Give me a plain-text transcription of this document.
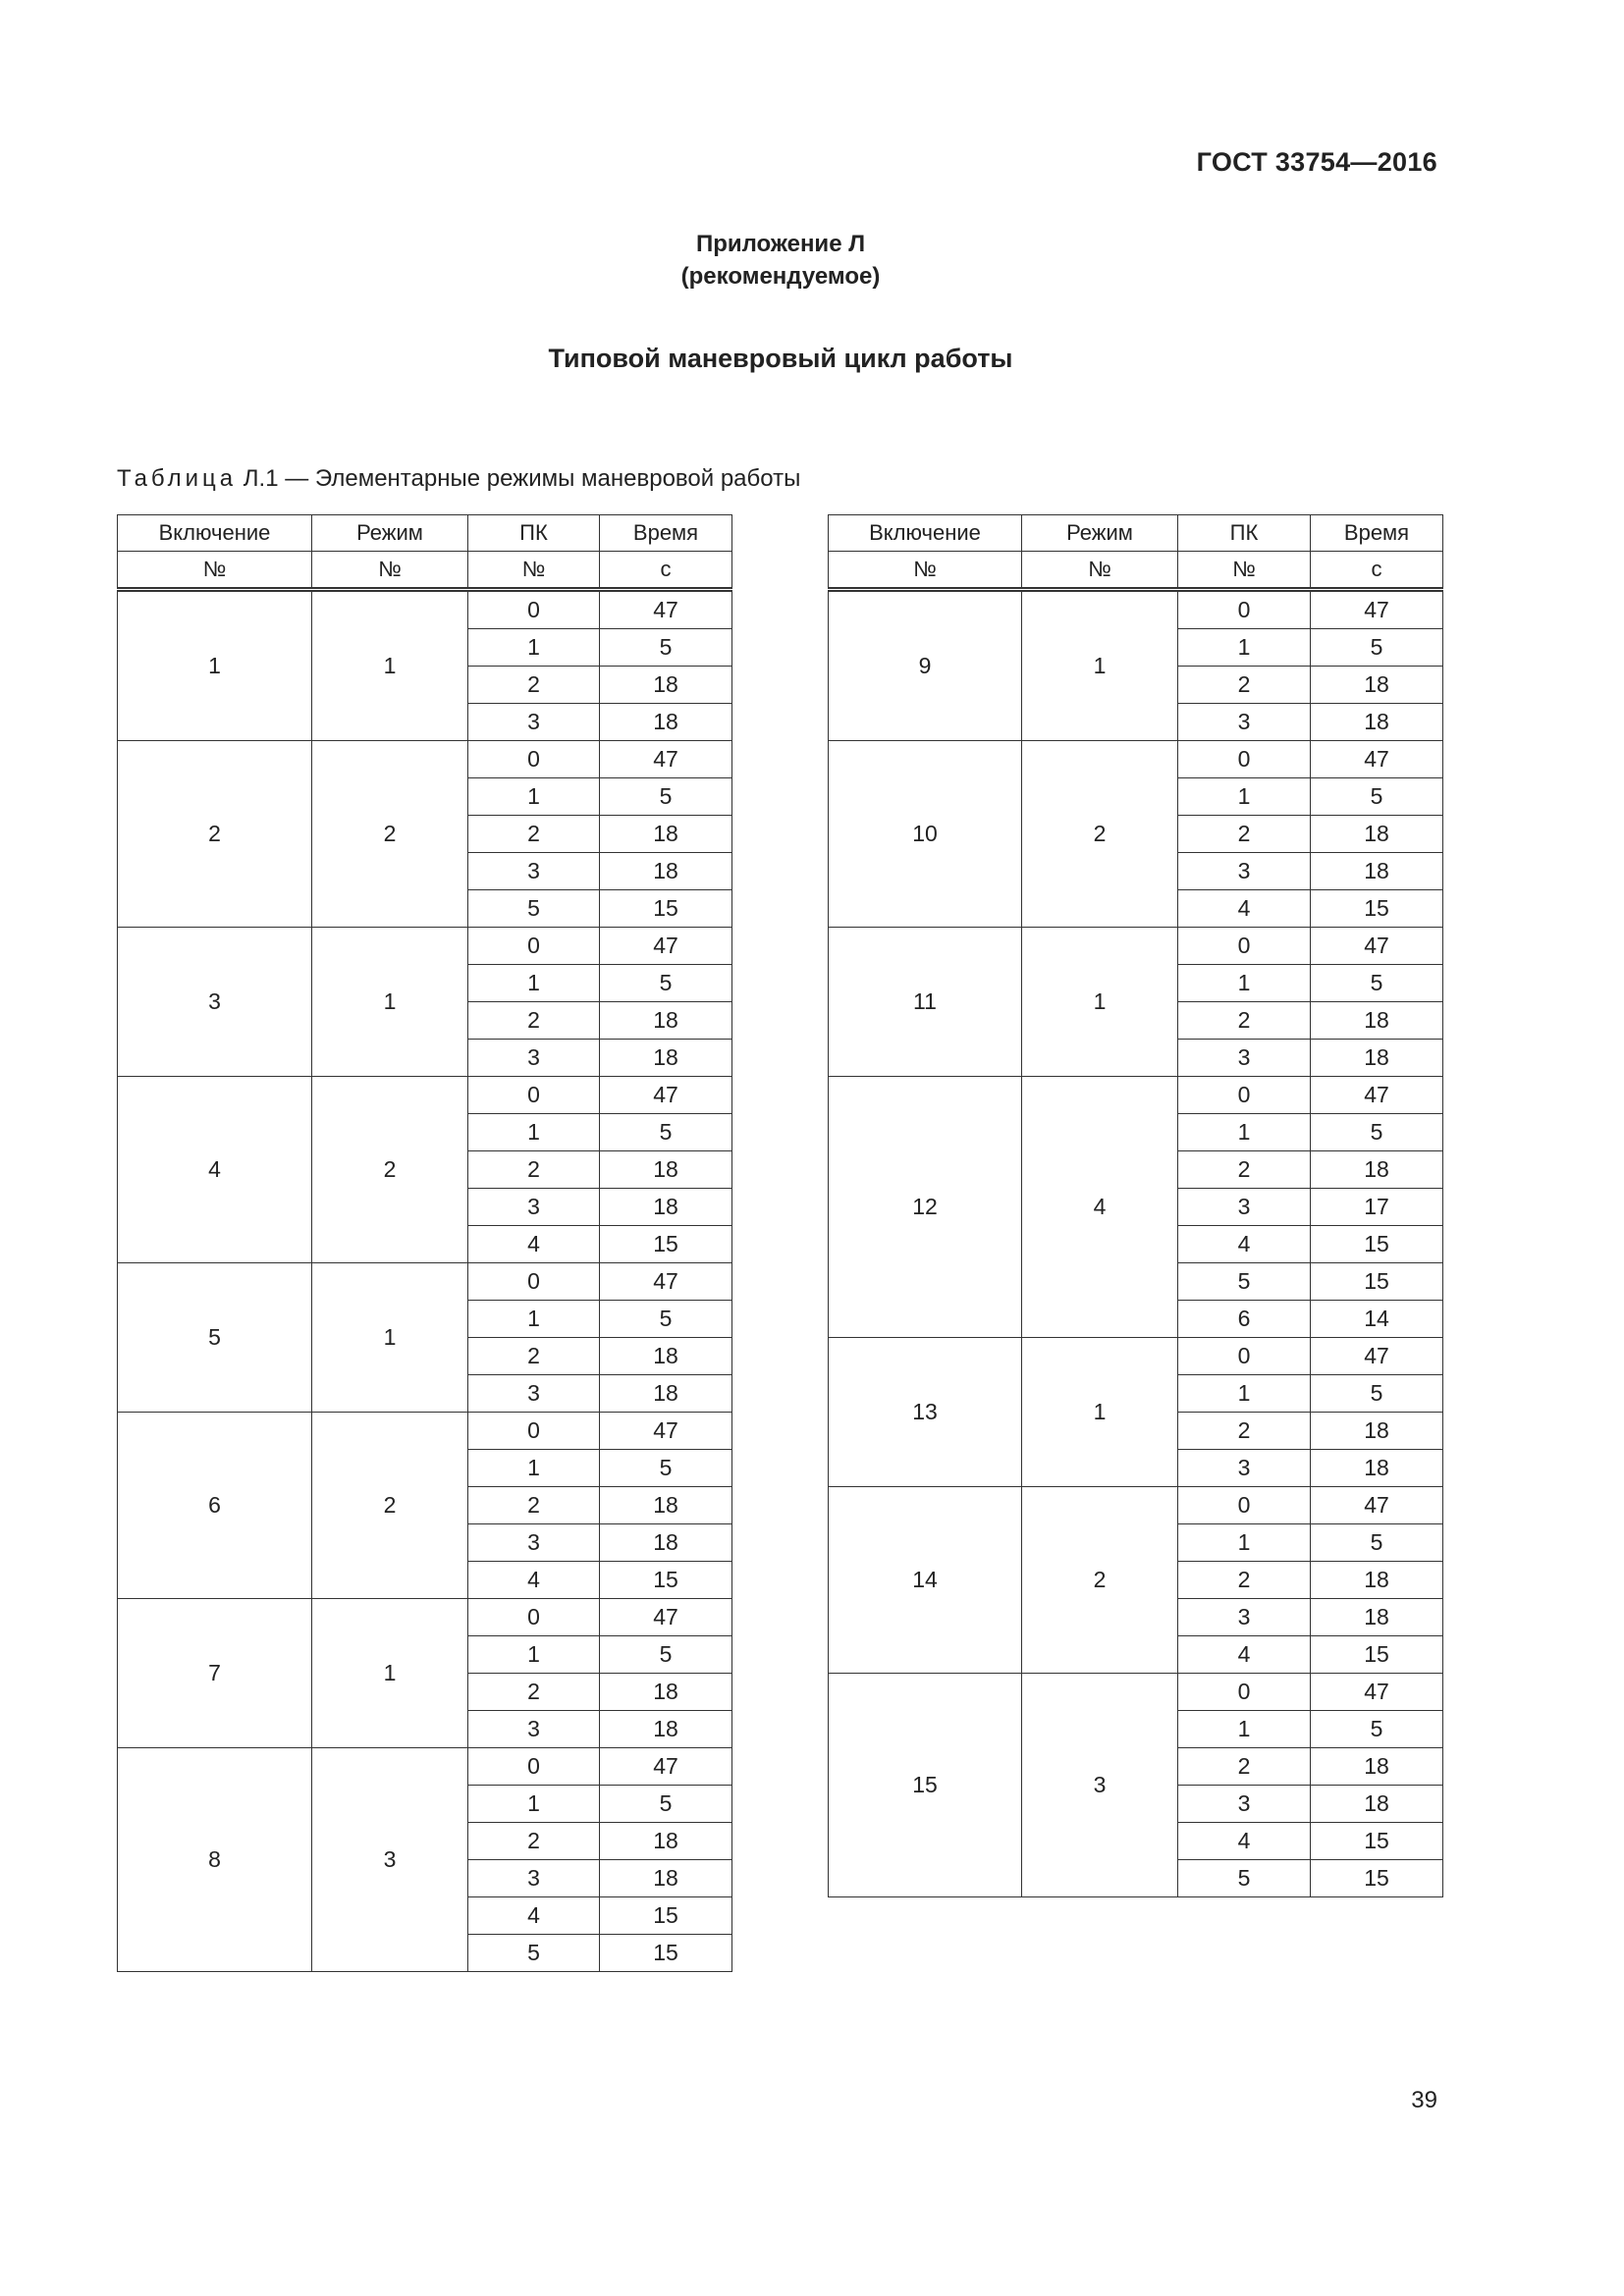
ГОСТ 33754—2016
Приложение Л
(рекомендуемое)
Типовой маневровый цикл работы
Таблица Л.1 — Элементарные режимы маневровой работы
Включение	Режим	ПК	Время
№	№	№	с
1	1	0	47
		1	5
		2	18
		3	18
2	2	0	47
		1	5
		2	18
		3	18
		5	15
3	1	0	47
		1	5
		2	18
		3	18
4	2	0	47
		1	5
		2	18
		3	18
		4	15
5	1	0	47
		1	5
		2	18
		3	18
6	2	0	47
		1	5
		2	18
		3	18
		4	15
7	1	0	47
		1	5
		2	18
		3	18
8	3	0	47
		1	5
		2	18
		3	18
		4	15
		5	15
Включение	Режим	ПК	Время
№	№	№	с
9	1	0	47
		1	5
		2	18
		3	18
10	2	0	47
		1	5
		2	18
		3	18
		4	15
11	1	0	47
		1	5
		2	18
		3	18
12	4	0	47
		1	5
		2	18
		3	17
		4	15
		5	15
		6	14
13	1	0	47
		1	5
		2	18
		3	18
14	2	0	47
		1	5
		2	18
		3	18
		4	15
15	3	0	47
		1	5
		2	18
		3	18
		4	15
		5	15
39
